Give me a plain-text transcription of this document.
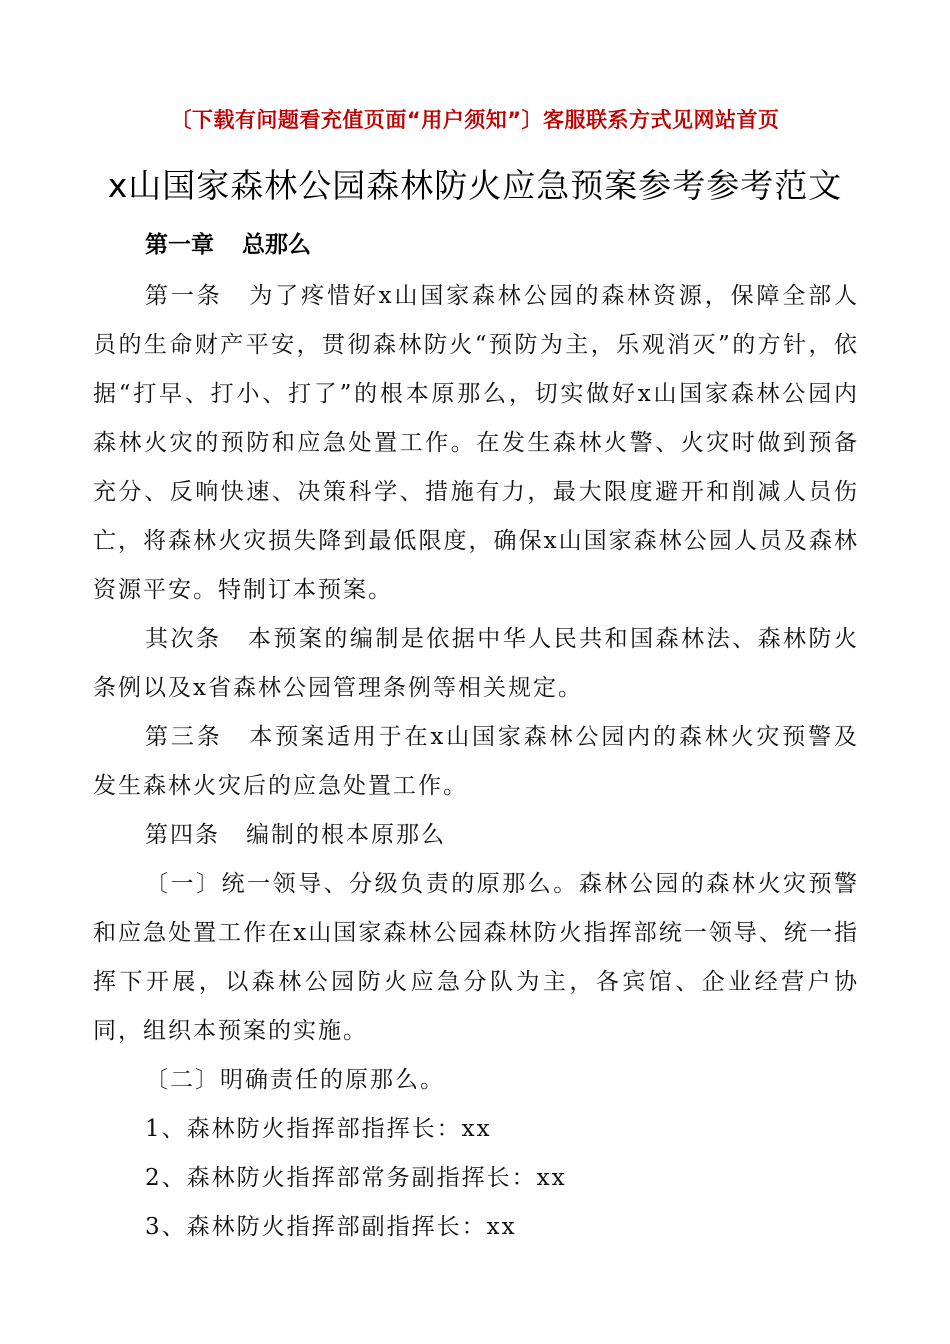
〔下载有问题看充值页面“用户须知”〕客服联系方式见网站首页
x山国家森林公园森林防火应急预案参考参考范文
第一章 总那么

第一条 为了疼惜好x山国家森林公园的森林资源，保障全部人员的生命财产平安，贯彻森林防火“预防为主，乐观消灭”的方针，依据“打早、打小、打了”的根本原那么，切实做好x山国家森林公园内森林火灾的预防和应急处置工作。在发生森林火警、火灾时做到预备充分、反响快速、决策科学、措施有力，最大限度避开和削减人员伤亡，将森林火灾损失降到最低限度，确保x山国家森林公园人员及森林资源平安。特制订本预案。

其次条 本预案的编制是依据中华人民共和国森林法、森林防火条例以及x省森林公园管理条例等相关规定。

第三条 本预案适用于在x山国家森林公园内的森林火灾预警及发生森林火灾后的应急处置工作。

第四条 编制的根本原那么

〔一〕统一领导、分级负责的原那么。森林公园的森林火灾预警和应急处置工作在x山国家森林公园森林防火指挥部统一领导、统一指挥下开展，以森林公园防火应急分队为主，各宾馆、企业经营户协同，组织本预案的实施。

〔二〕明确责任的原那么。

1、森林防火指挥部指挥长：xx

2、森林防火指挥部常务副指挥长：xx

3、森林防火指挥部副指挥长：xx
